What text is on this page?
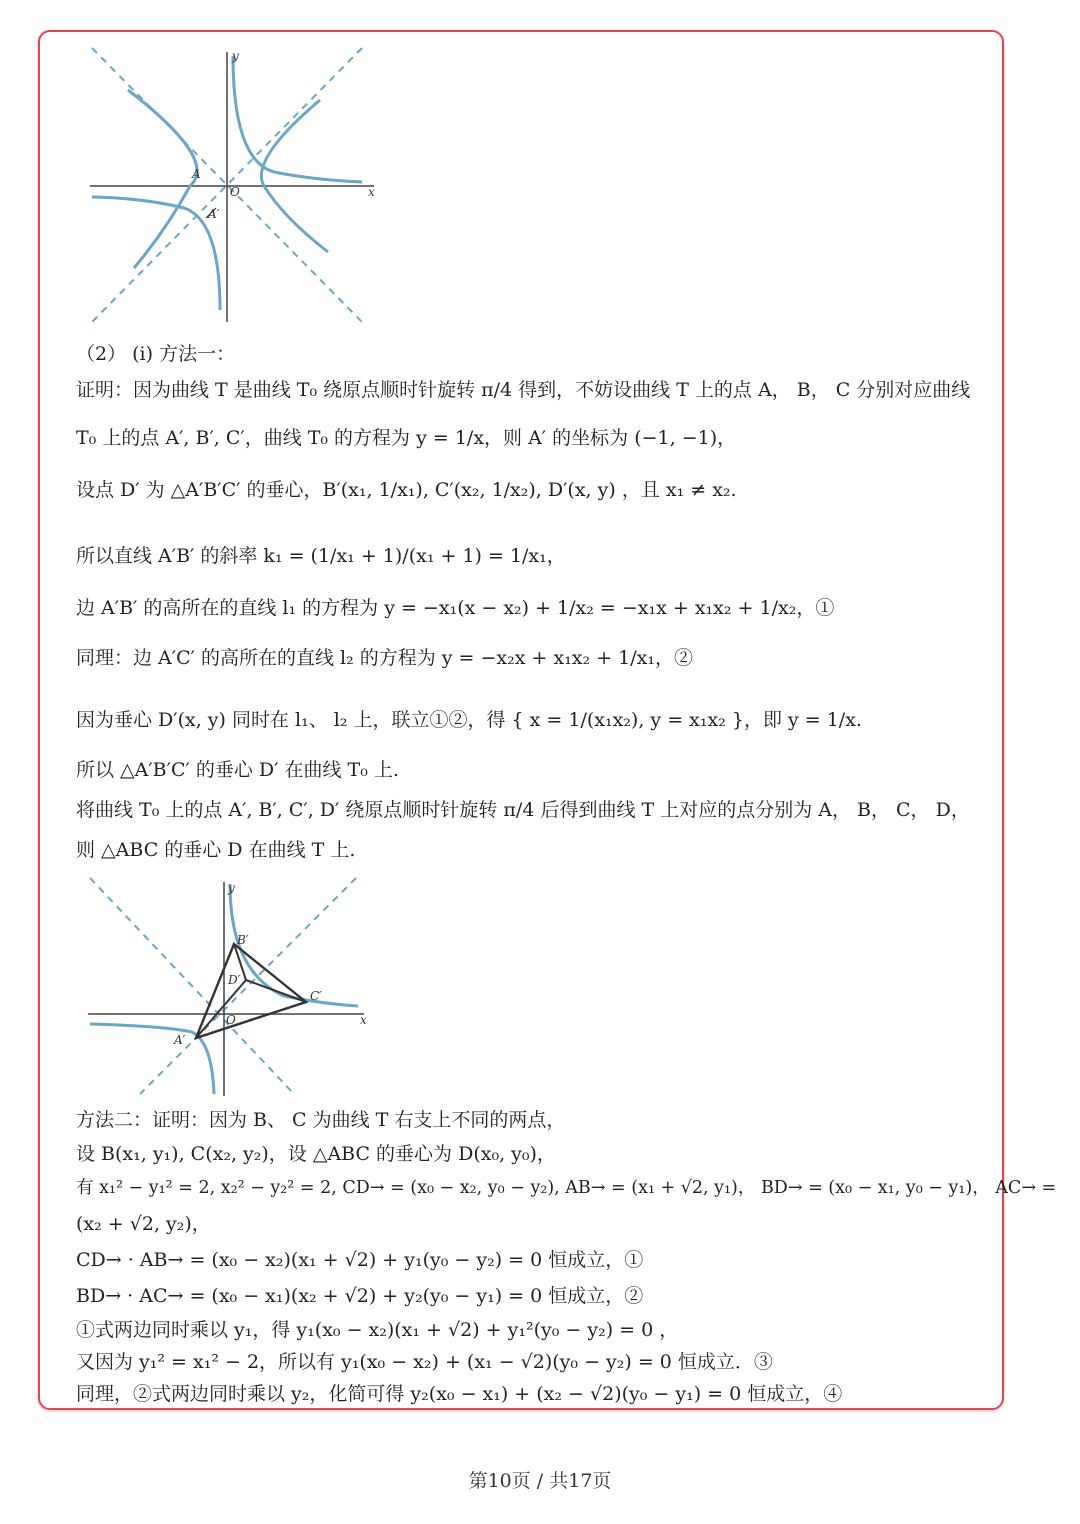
A
A′
O	x
y
（2） (i) 方法一：
证明：因为曲线 T 是曲线 T₀ 绕原点顺时针旋转 π/4 得到，不妨设曲线 T 上的点 A， B， C 分别对应曲线
T₀ 上的点 A′, B′, C′，曲线 T₀ 的方程为 y = 1/x，则 A′ 的坐标为 (−1, −1)，
设点 D′ 为 △A′B′C′ 的垂心，B′(x₁, 1/x₁), C′(x₂, 1/x₂), D′(x, y) ，且 x₁ ≠ x₂.
所以直线 A′B′ 的斜率 k₁ = (1/x₁ + 1)/(x₁ + 1) = 1/x₁，
边 A′B′ 的高所在的直线 l₁ 的方程为 y = −x₁(x − x₂) + 1/x₂ = −x₁x + x₁x₂ + 1/x₂，①
同理：边 A′C′ 的高所在的直线 l₂ 的方程为 y = −x₂x + x₁x₂ + 1/x₁，②
因为垂心 D′(x, y) 同时在 l₁、 l₂ 上，联立①②，得 { x = 1/(x₁x₂), y = x₁x₂ }，即 y = 1/x.
所以 △A′B′C′ 的垂心 D′ 在曲线 T₀ 上.
将曲线 T₀ 上的点 A′, B′, C′, D′ 绕原点顺时针旋转 π/4 后得到曲线 T 上对应的点分别为 A， B， C， D，
则 △ABC 的垂心 D 在曲线 T 上.
B′
C′
D′
A′
O	x
y
方法二：证明：因为 B、 C 为曲线 T 右支上不同的两点，
设 B(x₁, y₁), C(x₂, y₂)，设 △ABC 的垂心为 D(x₀, y₀)，
有 x₁² − y₁² = 2, x₂² − y₂² = 2, CD→ = (x₀ − x₂, y₀ − y₂), AB→ = (x₁ + √2, y₁)， BD→ = (x₀ − x₁, y₀ − y₁)， AC→ =
(x₂ + √2, y₂)，
CD→ · AB→ = (x₀ − x₂)(x₁ + √2) + y₁(y₀ − y₂) = 0 恒成立，①
BD→ · AC→ = (x₀ − x₁)(x₂ + √2) + y₂(y₀ − y₁) = 0 恒成立，②
①式两边同时乘以 y₁，得 y₁(x₀ − x₂)(x₁ + √2) + y₁²(y₀ − y₂) = 0 ，
又因为 y₁² = x₁² − 2，所以有 y₁(x₀ − x₂) + (x₁ − √2)(y₀ − y₂) = 0 恒成立．③
同理，②式两边同时乘以 y₂，化简可得 y₂(x₀ − x₁) + (x₂ − √2)(y₀ − y₁) = 0 恒成立，④
第10页 / 共17页
